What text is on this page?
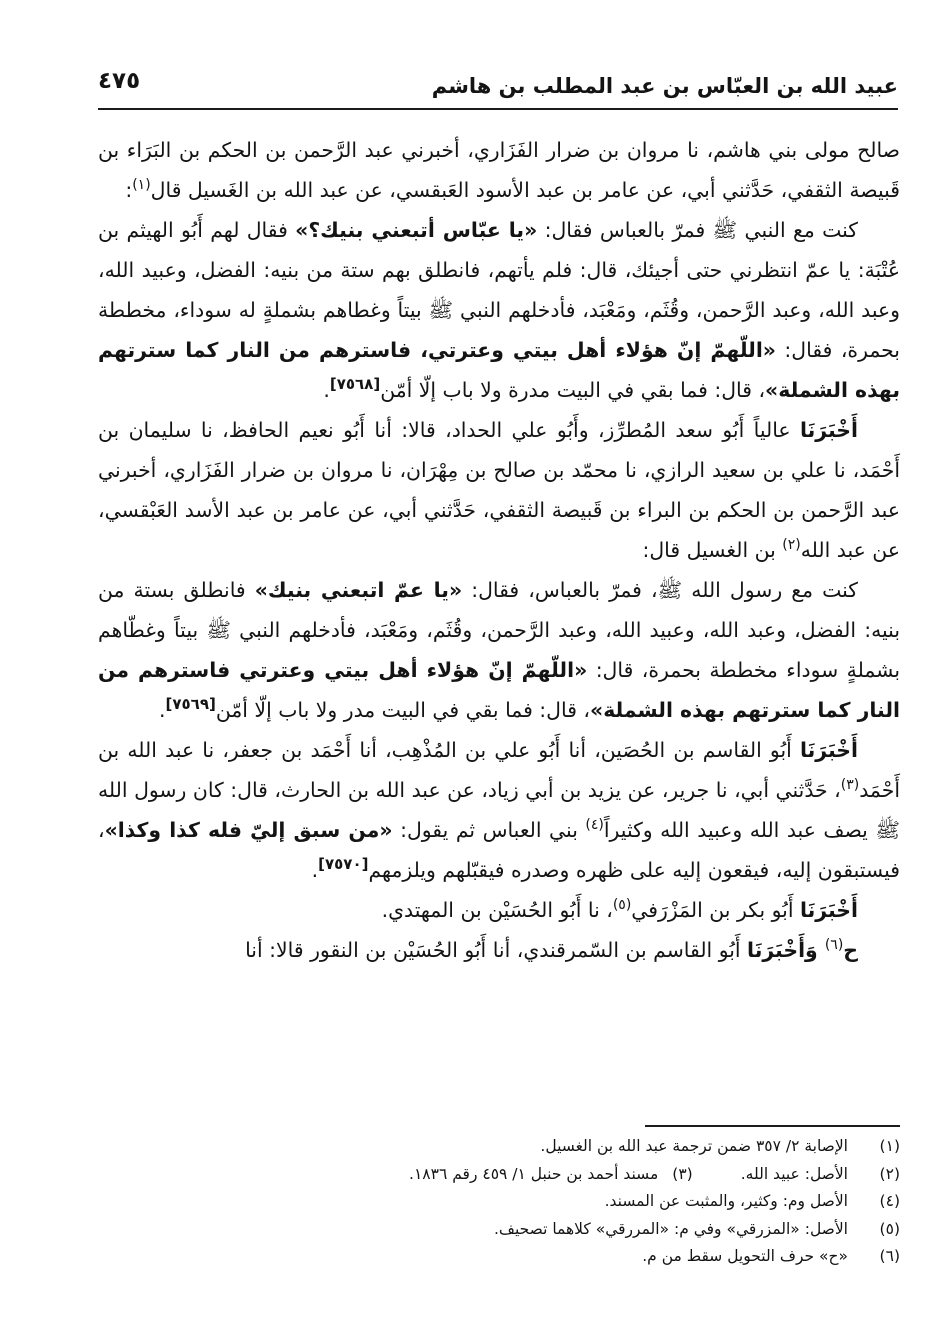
عبيد الله بن العبّاس بن عبد المطلب بن هاشم
٤٧٥

صالح مولى بني هاشم، نا مروان بن ضرار الفَزَاري، أخبرني عبد الرَّحمن بن الحكم بن البَرَاء بن قَبيصة الثقفي، حَدَّثني أبي، عن عامر بن عبد الأسود العَبقسي، عن عبد الله بن الغَسيل قال$^{(١)}$:

كنت مع النبي ﷺ فمرّ بالعباس فقال: «يا عبّاس أتبعني بنيك؟» فقال لهم أَبُو الهيثم بن عُتْبَة: يا عمّ انتظرني حتى أجيئك، قال: فلم يأتهم، فانطلق بهم ستة من بنيه: الفضل، وعبيد الله، وعبد الله، وعبد الرَّحمن، وقُثَم، ومَعْبَد، فأدخلهم النبي ﷺ بيتاً وغطاهم بشملةٍ له سوداء، مخططة بحمرة، فقال: «اللّهمّ إنّ هؤلاء أهل بيتي وعترتي، فاسترهم من النار كما سترتهم بهذه الشملة»، قال: فما بقي في البيت مدرة ولا باب إلّا أمّن[٧٥٦٨].

أَخْبَرَنَا عالياً أَبُو سعد المُطرِّز، وأَبُو علي الحداد، قالا: أنا أَبُو نعيم الحافظ، نا سليمان بن أَحْمَد، نا علي بن سعيد الرازي، نا محمّد بن صالح بن مِهْرَان، نا مروان بن ضرار الفَزَاري، أخبرني عبد الرَّحمن بن الحكم بن البراء بن قَبيصة الثقفي، حَدَّثني أبي، عن عامر بن عبد الأسد العَبْقسي، عن عبد الله$^{(٢)}$ بن الغسيل قال:

كنت مع رسول الله ﷺ، فمرّ بالعباس، فقال: «يا عمّ اتبعني بنيك» فانطلق بستة من بنيه: الفضل، وعبد الله، وعبيد الله، وعبد الرَّحمن، وقُثَم، ومَعْبَد، فأدخلهم النبي ﷺ بيتاً وغطّاهم بشملةٍ سوداء مخططة بحمرة، قال: «اللّهمّ إنّ هؤلاء أهل بيتي وعترتي فاسترهم من النار كما سترتهم بهذه الشملة»، قال: فما بقي في البيت مدر ولا باب إلّا أمّن[٧٥٦٩].

أَخْبَرَنَا أَبُو القاسم بن الحُصَين، أنا أَبُو علي بن المُذْهِب، أنا أَحْمَد بن جعفر، نا عبد الله بن أَحْمَد$^{(٣)}$، حَدَّثني أبي، نا جرير، عن يزيد بن أبي زياد، عن عبد الله بن الحارث، قال: كان رسول الله ﷺ يصف عبد الله وعبيد الله وكثيراً$^{(٤)}$ بني العباس ثم يقول: «من سبق إليّ فله كذا وكذا»، فيستبقون إليه، فيقعون إليه على ظهره وصدره فيقبّلهم ويلزمهم[٧٥٧٠].

أَخْبَرَنَا أَبُو بكر بن المَزْرَفي$^{(٥)}$، نا أَبُو الحُسَيْن بن المهتدي.

ح$^{(٦)}$ وَأَخْبَرَنَا أَبُو القاسم بن السّمرقندي، أنا أَبُو الحُسَيْن بن النقور قالا: أنا

(١)الإصابة ٢/ ٣٥٧ ضمن ترجمة عبد الله بن الغسيل.
(٢)الأصل: عبيد الله.(٣)مسند أحمد بن حنبل ١/ ٤٥٩ رقم ١٨٣٦.
(٤)الأصل وم: وكثير، والمثبت عن المسند.
(٥)الأصل: «المزرقي» وفي م: «المررقي» كلاهما تصحيف.
(٦)«ح» حرف التحويل سقط من م.
